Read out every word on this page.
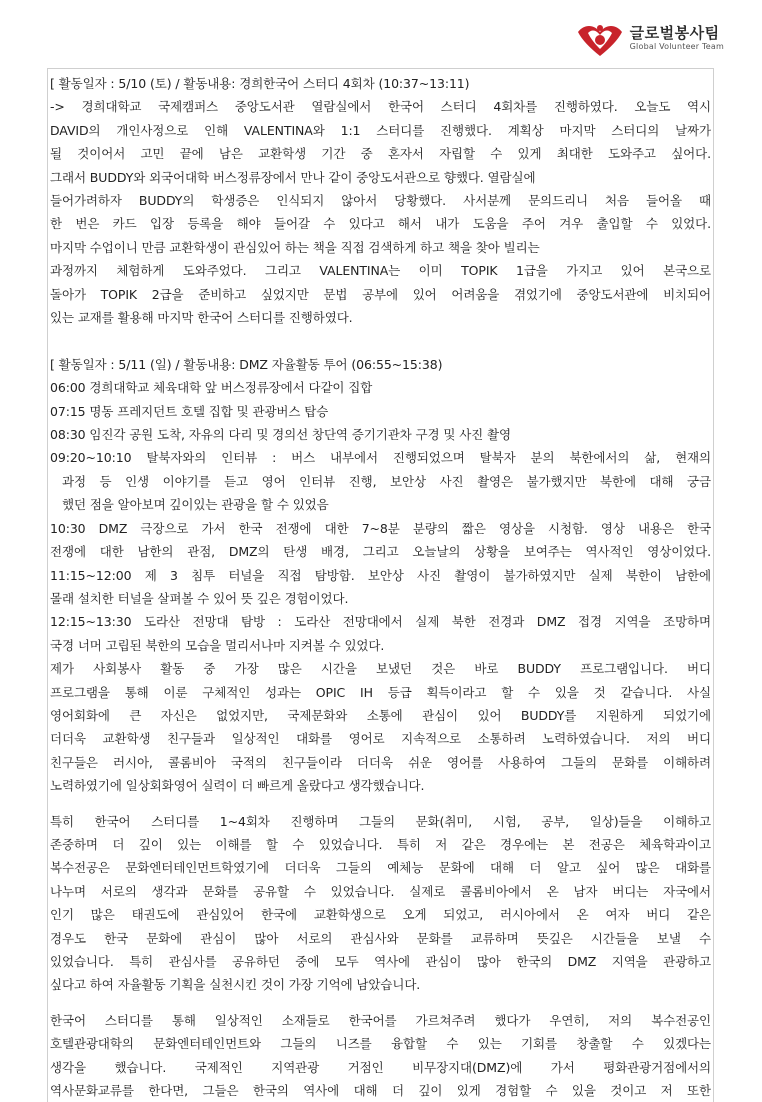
글로벌봉사팀
Global Volunteer Team
[ 활동일자 : 5/10 (토) / 활동내용: 경희한국어 스터디 4회차 (10:37~13:11)
-> 경희대학교 국제캠퍼스 중앙도서관 열람실에서 한국어 스터디 4회차를 진행하였다. 오늘도 역시
DAVID의 개인사정으로 인해 VALENTINA와 1:1 스터디를 진행했다. 계획상 마지막 스터디의 날짜가
될 것이어서 고민 끝에 남은 교환학생 기간 중 혼자서 자립할 수 있게 최대한 도와주고 싶어다.
그래서 BUDDY와 외국어대학 버스정류장에서 만나 같이 중앙도서관으로 향했다. 열람실에
들어가려하자 BUDDY의 학생증은 인식되지 않아서 당황했다. 사서분께 문의드리니 처음 들어올 때
한 번은 카드 입장 등록을 해야 들어갈 수 있다고 해서 내가 도움을 주어 겨우 출입할 수 있었다.
마지막 수업이니 만큼 교환학생이 관심있어 하는 책을 직접 검색하게 하고 책을 찾아 빌리는
과정까지 체험하게 도와주었다. 그리고 VALENTINA는 이미 TOPIK 1급을 가지고 있어 본국으로
돌아가 TOPIK 2급을 준비하고 싶었지만 문법 공부에 있어 어려움을 겪었기에 중앙도서관에 비치되어
있는 교재를 활용해 마지막 한국어 스터디를 진행하였다.
[ 활동일자 : 5/11 (일) / 활동내용: DMZ 자율활동 투어 (06:55~15:38)
06:00 경희대학교 체육대학 앞 버스정류장에서 다같이 집합
07:15 명동 프레지던트 호텔 집합 및 관광버스 탑승
08:30 임진각 공원 도착, 자유의 다리 및 경의선 창단역 증기기관차 구경 및 사진 촬영
09:20~10:10 탈북자와의 인터뷰 : 버스 내부에서 진행되었으며 탈북자 분의 북한에서의 삶, 현재의
과정 등 인생 이야기를 듣고 영어 인터뷰 진행, 보안상 사진 촬영은 불가했지만 북한에 대해 궁금
했던 점을 알아보며 깊이있는 관광을 할 수 있었음
10:30 DMZ 극장으로 가서 한국 전쟁에 대한 7~8분 분량의 짧은 영상을 시청함. 영상 내용은 한국
전쟁에 대한 남한의 관점, DMZ의 탄생 배경, 그리고 오늘날의 상황을 보여주는 역사적인 영상이었다.
11:15~12:00 제 3 침투 터널을 직접 탐방함. 보안상 사진 촬영이 불가하였지만 실제 북한이 남한에
몰래 설치한 터널을 살펴볼 수 있어 뜻 깊은 경험이었다.
12:15~13:30 도라산 전망대 탐방 : 도라산 전망대에서 실제 북한 전경과 DMZ 접경 지역을 조망하며
국경 너머 고립된 북한의 모습을 멀리서나마 지켜볼 수 있었다.
제가 사회봉사 활동 중 가장 많은 시간을 보냈던 것은 바로 BUDDY 프로그램입니다. 버디
프로그램을 통해 이룬 구체적인 성과는 OPIC IH 등급 획득이라고 할 수 있을 것 같습니다. 사실
영어회화에 큰 자신은 없었지만, 국제문화와 소통에 관심이 있어 BUDDY를 지원하게 되었기에
더더욱 교환학생 친구들과 일상적인 대화를 영어로 지속적으로 소통하려 노력하였습니다. 저의 버디
친구들은 러시아, 콜롬비아 국적의 친구들이라 더더욱 쉬운 영어를 사용하여 그들의 문화를 이해하려
노력하였기에 일상회화영어 실력이 더 빠르게 올랐다고 생각했습니다.
특히 한국어 스터디를 1~4회차 진행하며 그들의 문화(취미, 시험, 공부, 일상)들을 이해하고
존중하며 더 깊이 있는 이해를 할 수 있었습니다. 특히 저 같은 경우에는 본 전공은 체육학과이고
복수전공은 문화엔터테인먼트학였기에 더더욱 그들의 예체능 문화에 대해 더 알고 싶어 많은 대화를
나누며 서로의 생각과 문화를 공유할 수 있었습니다. 실제로 콜롬비아에서 온 남자 버디는 자국에서
인기 많은 태권도에 관심있어 한국에 교환학생으로 오게 되었고, 러시아에서 온 여자 버디 같은
경우도 한국 문화에 관심이 많아 서로의 관심사와 문화를 교류하며 뜻깊은 시간들을 보낼 수
있었습니다. 특히 관심사를 공유하던 중에 모두 역사에 관심이 많아 한국의 DMZ 지역을 관광하고
싶다고 하여 자율활동 기획을 실천시킨 것이 가장 기억에 남았습니다.
한국어 스터디를 통해 일상적인 소재들로 한국어를 가르쳐주려 했다가 우연히, 저의 복수전공인
호텔관광대학의 문화엔터테인먼트와 그들의 니즈를 융합할 수 있는 기회를 창출할 수 있겠다는
생각을 했습니다. 국제적인 지역관광 거점인 비무장지대(DMZ)에 가서 평화관광거점에서의
역사문화교류를 한다면, 그들은 한국의 역사에 대해 더 깊이 있게 경험할 수 있을 것이고 저 또한
